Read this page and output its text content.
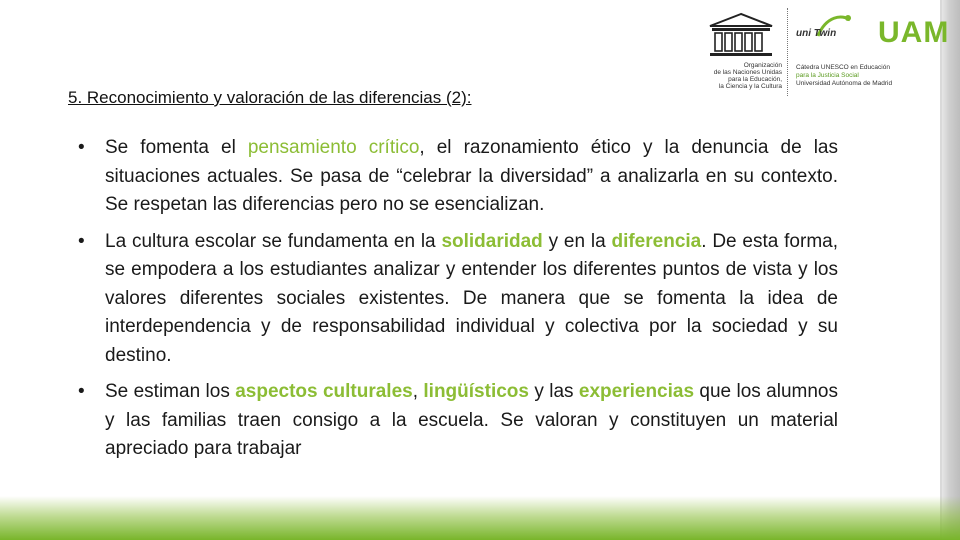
Organización
de las Naciones Unidas
para la Educación,
la Ciencia y la Cultura
uni Twin UAM
Cátedra UNESCO en Educación
para la Justicia Social
Universidad Autónoma de Madrid
5. Reconocimiento y valoración de las diferencias (2):
• Se fomenta el pensamiento crítico, el razonamiento ético y la denuncia de las situaciones actuales. Se pasa de “celebrar la diversidad” a analizarla en su contexto. Se respetan las diferencias pero no se esencializan.
• La cultura escolar se fundamenta en la solidaridad y en la diferencia. De esta forma, se empodera a los estudiantes analizar y entender los diferentes puntos de vista y los valores diferentes sociales existentes. De manera que se fomenta la idea de interdependencia y de responsabilidad individual y colectiva por la sociedad y su destino.
• Se estiman los aspectos culturales, lingüísticos y las experiencias que los alumnos y las familias traen consigo a la escuela. Se valoran y constituyen un material apreciado para trabajar
